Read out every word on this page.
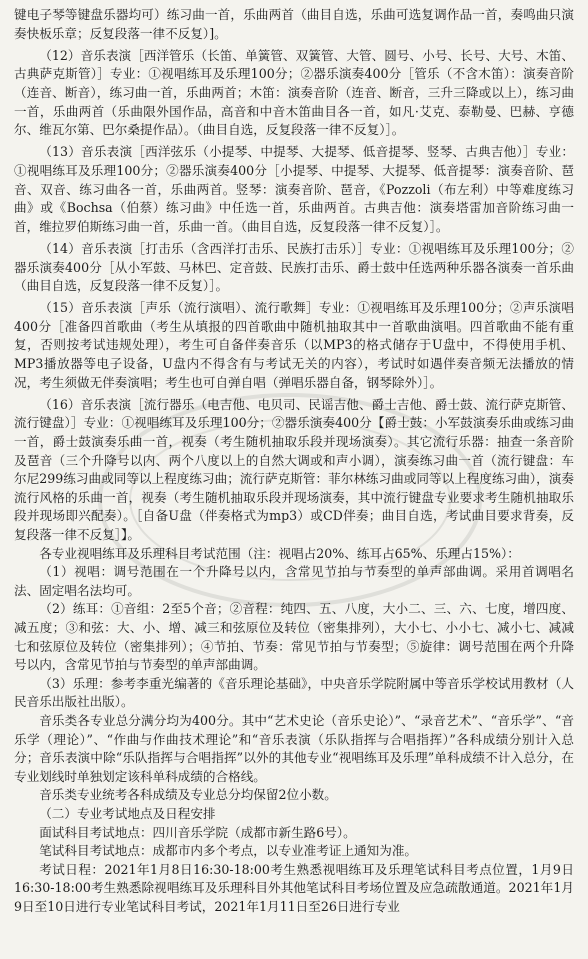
键电子琴等键盘乐器均可）练习曲一首，乐曲两首（曲目自选，乐曲可选复调作品一首，奏鸣曲只演奏快板乐章；反复段落一律不反复）]。

（12）音乐表演［西洋管乐（长笛、单簧管、双簧管、大管、圆号、小号、长号、大号、木笛、古典萨克斯管）］专业：①视唱练耳及乐理100分；②器乐演奏400分［管乐（不含木笛）：演奏音阶（连音、断音），练习曲一首，乐曲两首；木笛：演奏音阶（连音、断音，三升三降或以上），练习曲一首，乐曲两首（乐曲限外国作品，高音和中音木笛曲目各一首，如凡·艾克、泰勒曼、巴赫、亨德尔、维瓦尔第、巴尔桑提作品）。（曲目自选，反复段落一律不反复）］。

（13）音乐表演［西洋弦乐（小提琴、中提琴、大提琴、低音提琴、竖琴、古典吉他）］专业：①视唱练耳及乐理100分；②器乐演奏400分［小提琴、中提琴、大提琴、低音提琴：演奏音阶、琶音、双音、练习曲各一首，乐曲两首。竖琴：演奏音阶、琶音，《Pozzoli（布左利）中等难度练习曲》或《Bochsa（伯蔡）练习曲》中任选一首，乐曲两首。古典吉他：演奏塔雷加音阶练习曲一首，维拉罗伯斯练习曲一首，乐曲一首。（曲目自选，反复段落一律不反复）］。

（14）音乐表演［打击乐（含西洋打击乐、民族打击乐）］专业：①视唱练耳及乐理100分；②器乐演奏400分［从小军鼓、马林巴、定音鼓、民族打击乐、爵士鼓中任选两种乐器各演奏一首乐曲（曲目自选，反复段落一律不反复）］。

（15）音乐表演［声乐（流行演唱）、流行歌舞］专业：①视唱练耳及乐理100分；②声乐演唱400分［准备四首歌曲（考生从填报的四首歌曲中随机抽取其中一首歌曲演唱。四首歌曲不能有重复，否则按考试违规处理），考生可自备伴奏音乐（以MP3的格式储存于U盘中，不得使用手机、MP3播放器等电子设备，U盘内不得含有与考试无关的内容），考试时如遇伴奏音频无法播放的情况，考生须做无伴奏演唱；考生也可自弹自唱（弹唱乐器自备，钢琴除外）］。

（16）音乐表演［流行器乐（电吉他、电贝司、民谣吉他、爵士吉他、爵士鼓、流行萨克斯管、流行键盘）］专业：①视唱练耳及乐理100分；②器乐演奏400分【爵士鼓：小军鼓演奏乐曲或练习曲一首，爵士鼓演奏乐曲一首，视奏（考生随机抽取乐段并现场演奏）。其它流行乐器：抽查一条音阶及琶音（三个升降号以内、两个八度以上的自然大调或和声小调），演奏练习曲一首（流行键盘：车尔尼299练习曲或同等以上程度练习曲；流行萨克斯管：菲尔林练习曲或同等以上程度练习曲），演奏流行风格的乐曲一首，视奏（考生随机抽取乐段并现场演奏，其中流行键盘专业要求考生随机抽取乐段并现场即兴配奏）。［自备U盘（伴奏格式为mp3）或CD伴奏；曲目自选，考试曲目要求背奏，反复段落一律不反复］】。

各专业视唱练耳及乐理科目考试范围（注：视唱占20%、练耳占65%、乐理占15%）：

（1）视唱：调号范围在一个升降号以内，含常见节拍与节奏型的单声部曲调。采用首调唱名法、固定唱名法均可。

（2）练耳：①音组：2至5个音；②音程：纯四、五、八度，大小二、三、六、七度，增四度、减五度；③和弦：大、小、增、减三和弦原位及转位（密集排列），大小七、小小七、减小七、减减七和弦原位及转位（密集排列）；④节拍、节奏：常见节拍与节奏型；⑤旋律：调号范围在两个升降号以内，含常见节拍与节奏型的单声部曲调。

（3）乐理：参考李重光编著的《音乐理论基础》，中央音乐学院附属中等音乐学校试用教材（人民音乐出版社出版）。

音乐类各专业总分满分均为400分。其中“艺术史论（音乐史论）”、“录音艺术”、“音乐学”、“音乐学（理论）”、“作曲与作曲技术理论”和“音乐表演（乐队指挥与合唱指挥）”各科成绩分别计入总分；音乐表演中除“乐队指挥与合唱指挥”以外的其他专业“视唱练耳及乐理”单科成绩不计入总分，在专业划线时单独划定该科单科成绩的合格线。

音乐类专业统考各科成绩及专业总分均保留2位小数。

（二）专业考试地点及日程安排

面试科目考试地点：四川音乐学院（成都市新生路6号）。

笔试科目考试地点：成都市内多个考点，以专业准考证上通知为准。

考试日程：2021年1月8日16:30-18:00考生熟悉视唱练耳及乐理笔试科目考点位置，1月9日16:30-18:00考生熟悉除视唱练耳及乐理科目外其他笔试科目考场位置及应急疏散通道。2021年1月9日至10日进行专业笔试科目考试，2021年1月11日至26日进行专业
